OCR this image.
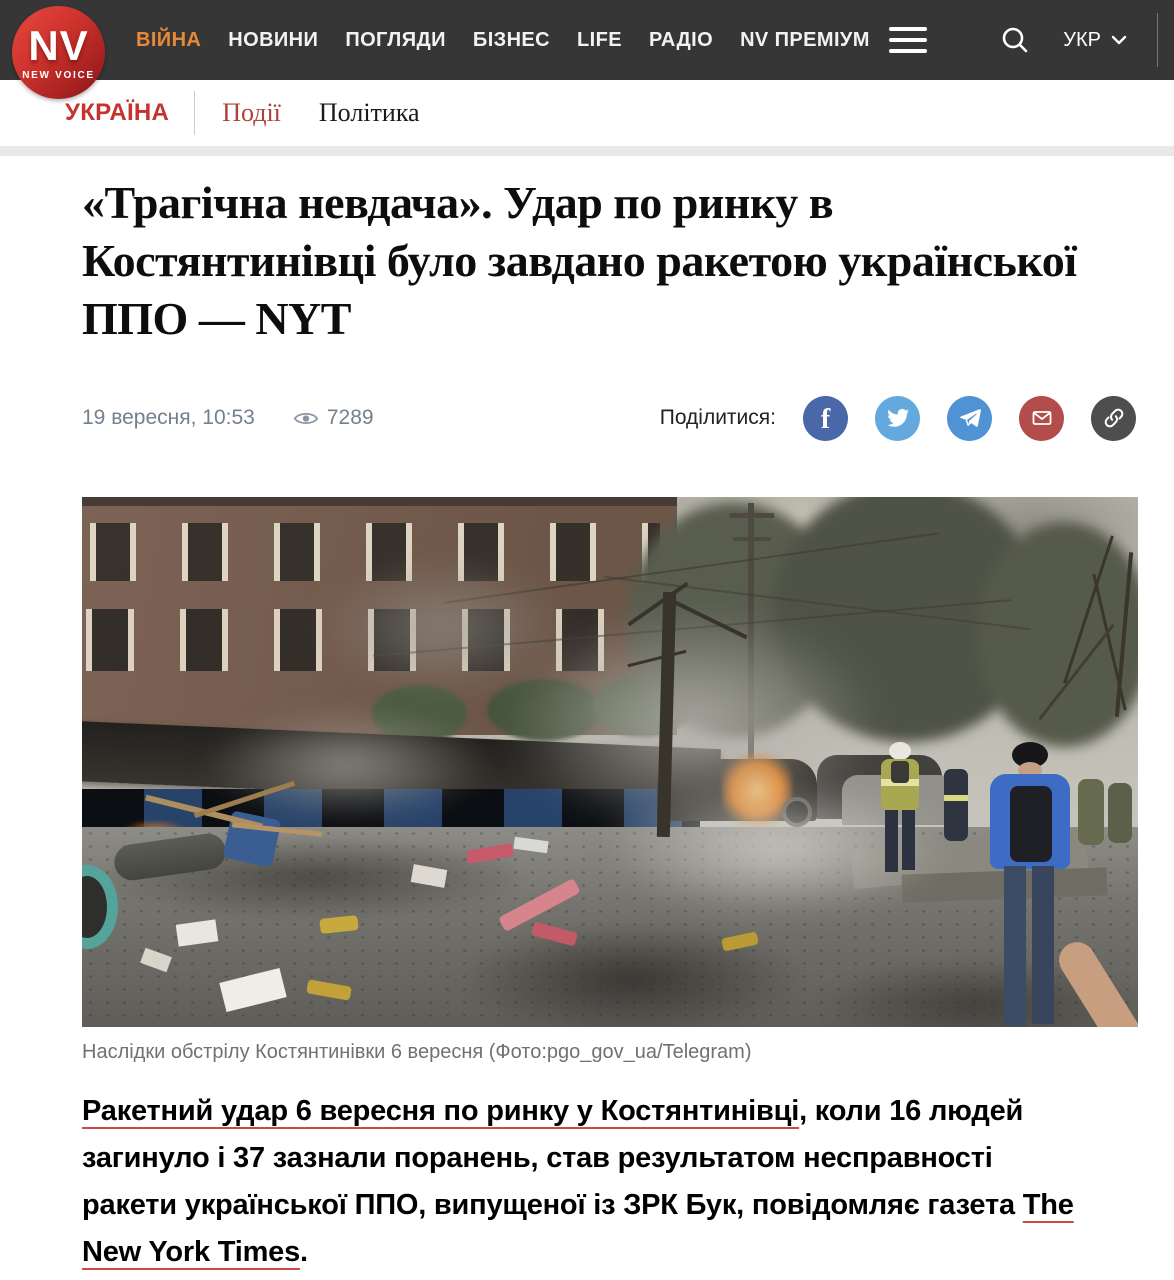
NV
NEW VOICE
ВІЙНА НОВИНИ ПОГЛЯДИ БІЗНЕС LIFE РАДІО NV ПРЕМІУМ	УКР
УКРАЇНА Події Політика
«Трагічна невдача». Удар по ринку в Костянтинівці було завдано ракетою української ППО — NYT
19 вересня, 10:53	7289	Поділитися: f
Наслідки обстрілу Костянтинівки 6 вересня (Фото:pgo_gov_ua/Telegram)

Ракетний удар 6 вересня по ринку у Костянтинівці, коли 16 людей загинуло і 37 зазнали поранень, став результатом несправності ракети української ППО, випущеної із ЗРК Бук, повідомляє газета The New York Times.
